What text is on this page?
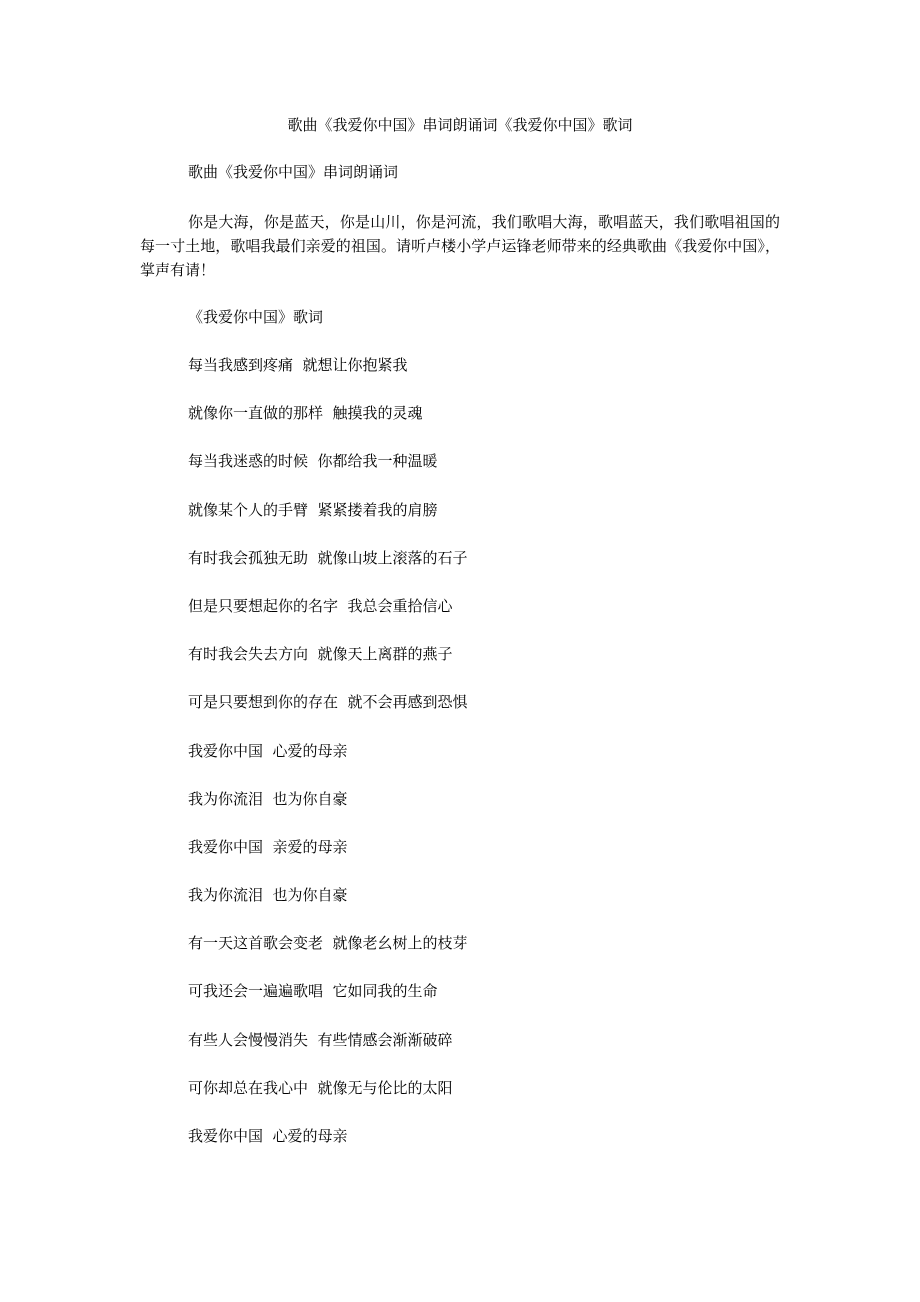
歌曲《我爱你中国》串词朗诵词《我爱你中国》歌词
歌曲《我爱你中国》串词朗诵词
你是大海，你是蓝天，你是山川，你是河流，我们歌唱大海，歌唱蓝天，我们歌唱祖国的每一寸土地，歌唱我最们亲爱的祖国。请听卢楼小学卢运锋老师带来的经典歌曲《我爱你中国》，掌声有请！
《我爱你中国》歌词
每当我感到疼痛  就想让你抱紧我
就像你一直做的那样  触摸我的灵魂
每当我迷惑的时候  你都给我一种温暖
就像某个人的手臂  紧紧搂着我的肩膀
有时我会孤独无助  就像山坡上滚落的石子
但是只要想起你的名字  我总会重拾信心
有时我会失去方向  就像天上离群的燕子
可是只要想到你的存在  就不会再感到恐惧
我爱你中国  心爱的母亲
我为你流泪  也为你自豪
我爱你中国  亲爱的母亲
我为你流泪  也为你自豪
有一天这首歌会变老  就像老幺树上的枝芽
可我还会一遍遍歌唱  它如同我的生命
有些人会慢慢消失  有些情感会渐渐破碎
可你却总在我心中  就像无与伦比的太阳
我爱你中国  心爱的母亲
